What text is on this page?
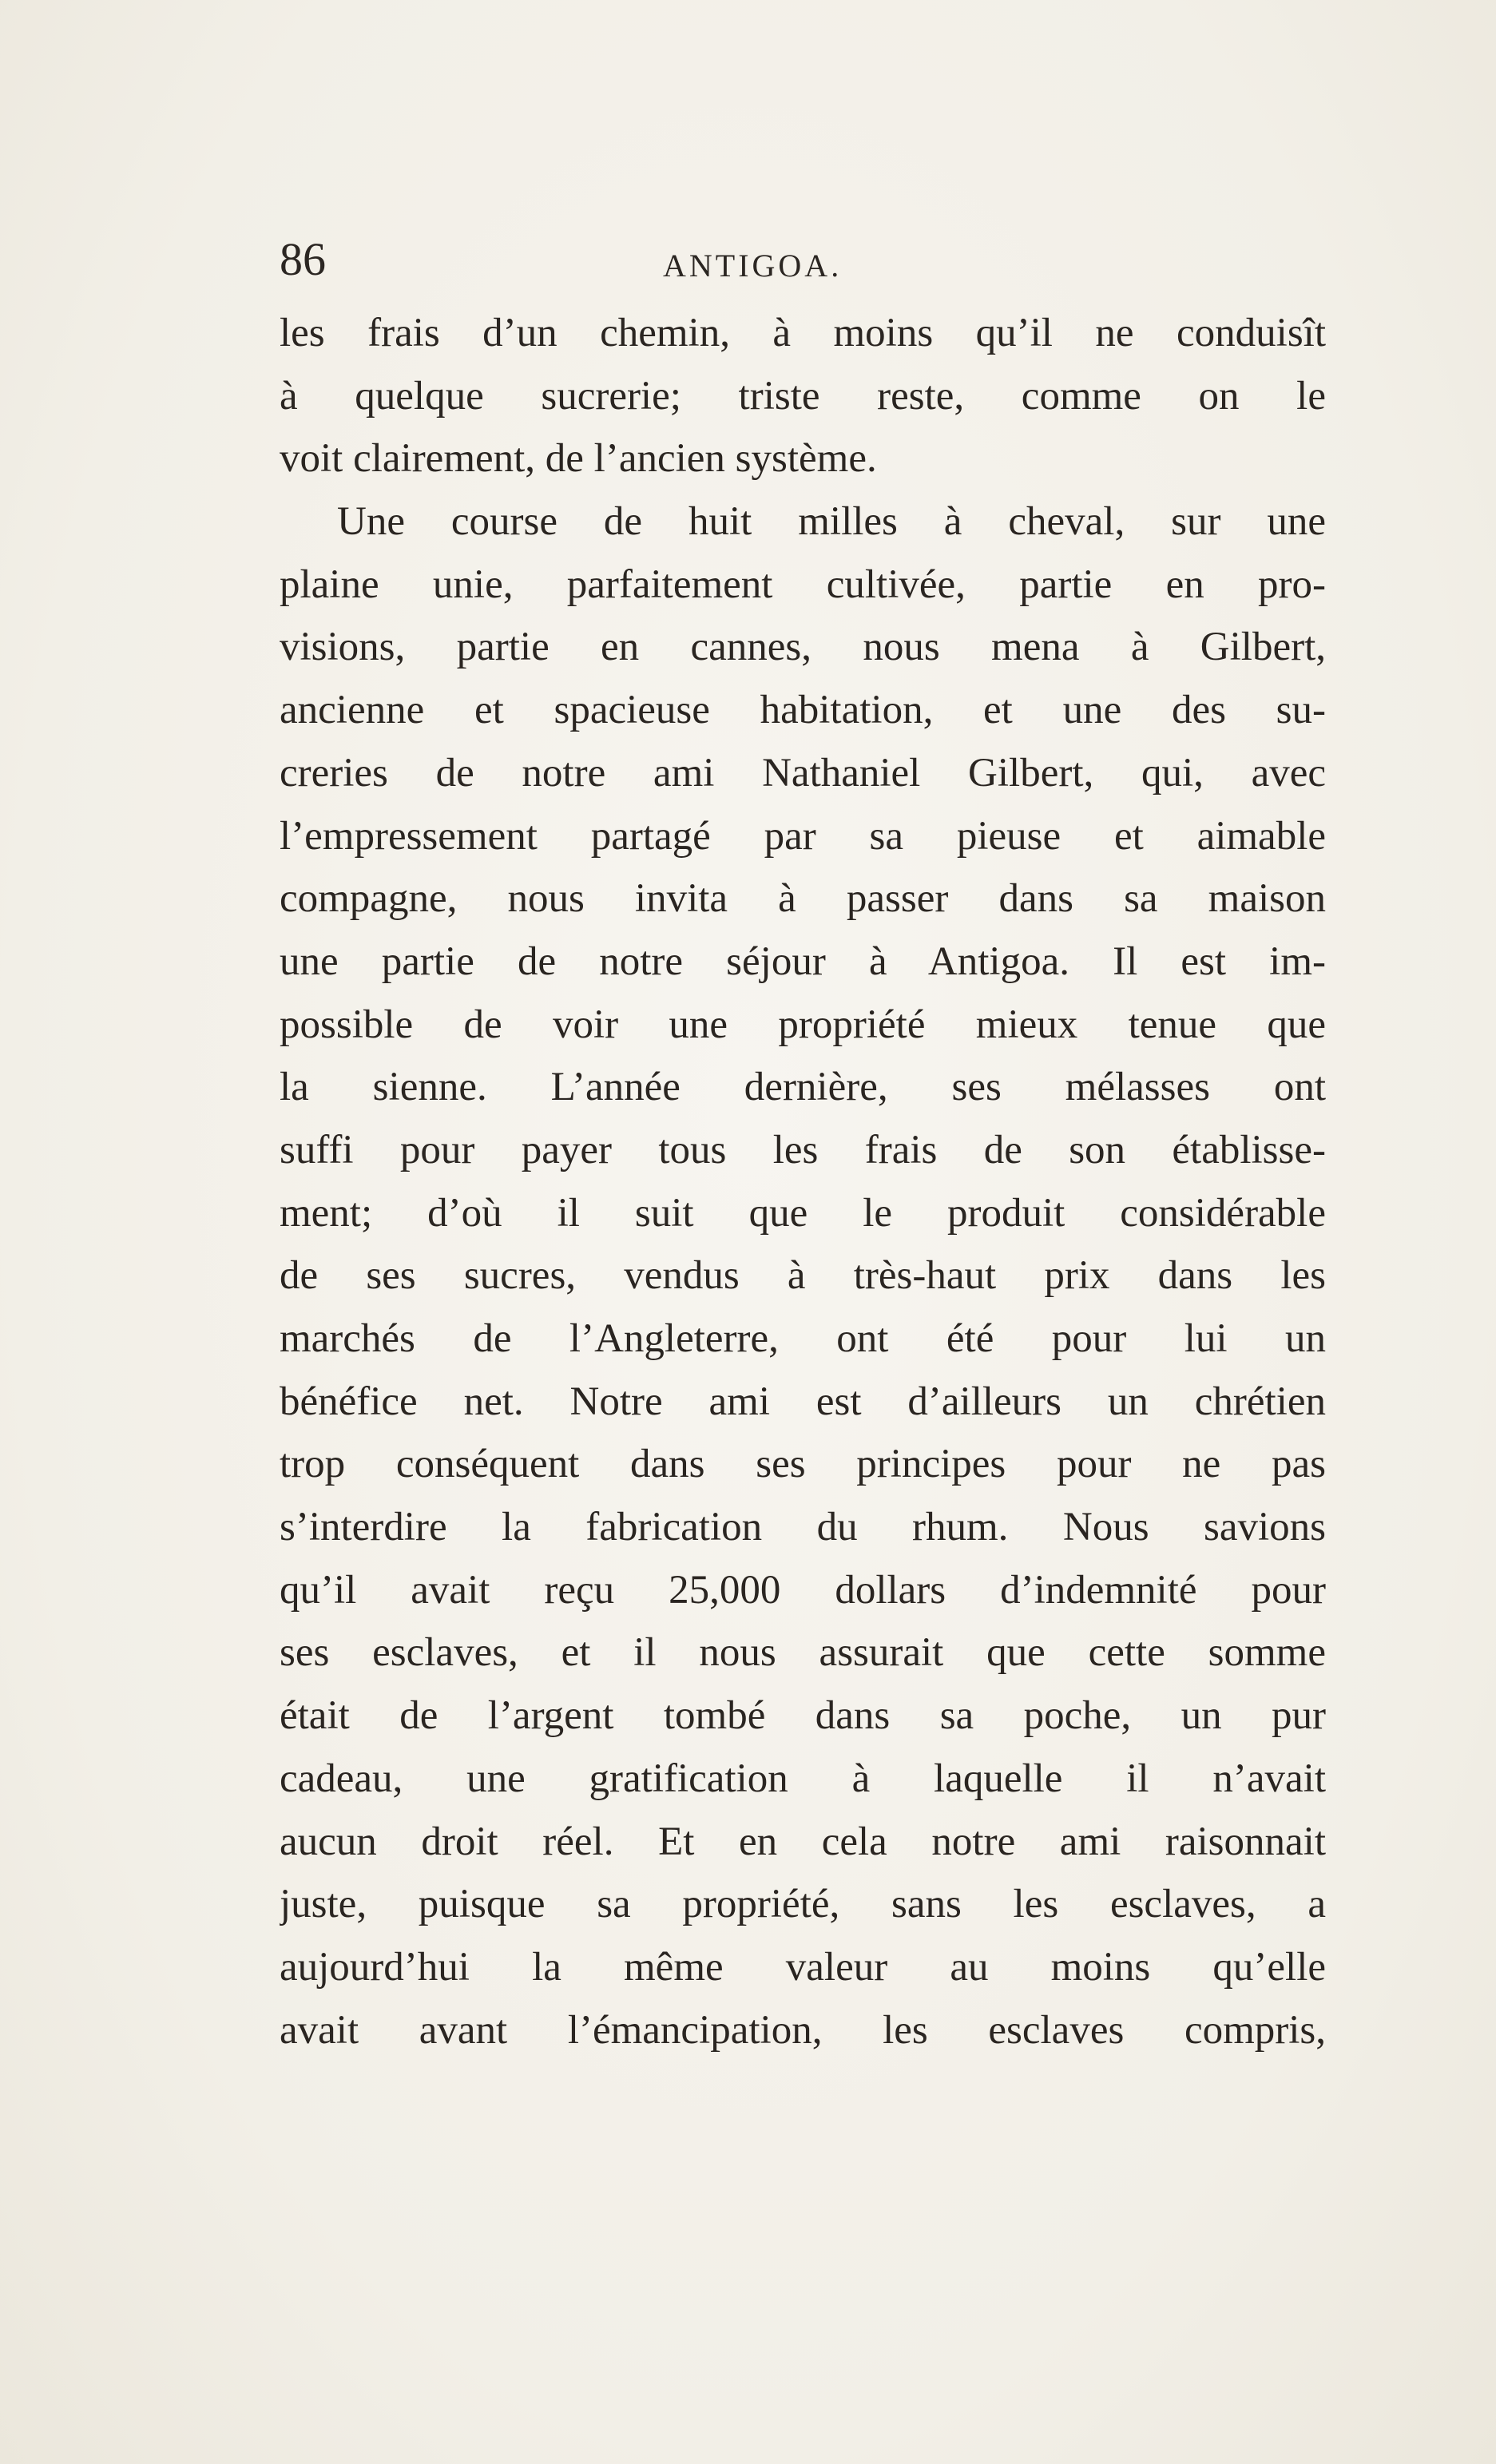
86	ANTIGOA.
les frais d’un chemin, à moins qu’il ne conduisît
à quelque sucrerie; triste reste, comme on le
voit clairement, de l’ancien système.
Une course de huit milles à cheval, sur une
plaine unie, parfaitement cultivée, partie en pro-
visions, partie en cannes, nous mena à Gilbert,
ancienne et spacieuse habitation, et une des su-
creries de notre ami Nathaniel Gilbert, qui, avec
l’empressement partagé par sa pieuse et aimable
compagne, nous invita à passer dans sa maison
une partie de notre séjour à Antigoa. Il est im-
possible de voir une propriété mieux tenue que
la sienne. L’année dernière, ses mélasses ont
suffi pour payer tous les frais de son établisse-
ment; d’où il suit que le produit considérable
de ses sucres, vendus à très-haut prix dans les
marchés de l’Angleterre, ont été pour lui un
bénéfice net. Notre ami est d’ailleurs un chrétien
trop conséquent dans ses principes pour ne pas
s’interdire la fabrication du rhum. Nous savions
qu’il avait reçu 25,000 dollars d’indemnité pour
ses esclaves, et il nous assurait que cette somme
était de l’argent tombé dans sa poche, un pur
cadeau, une gratification à laquelle il n’avait
aucun droit réel. Et en cela notre ami raisonnait
juste, puisque sa propriété, sans les esclaves, a
aujourd’hui la même valeur au moins qu’elle
avait avant l’émancipation, les esclaves compris,
